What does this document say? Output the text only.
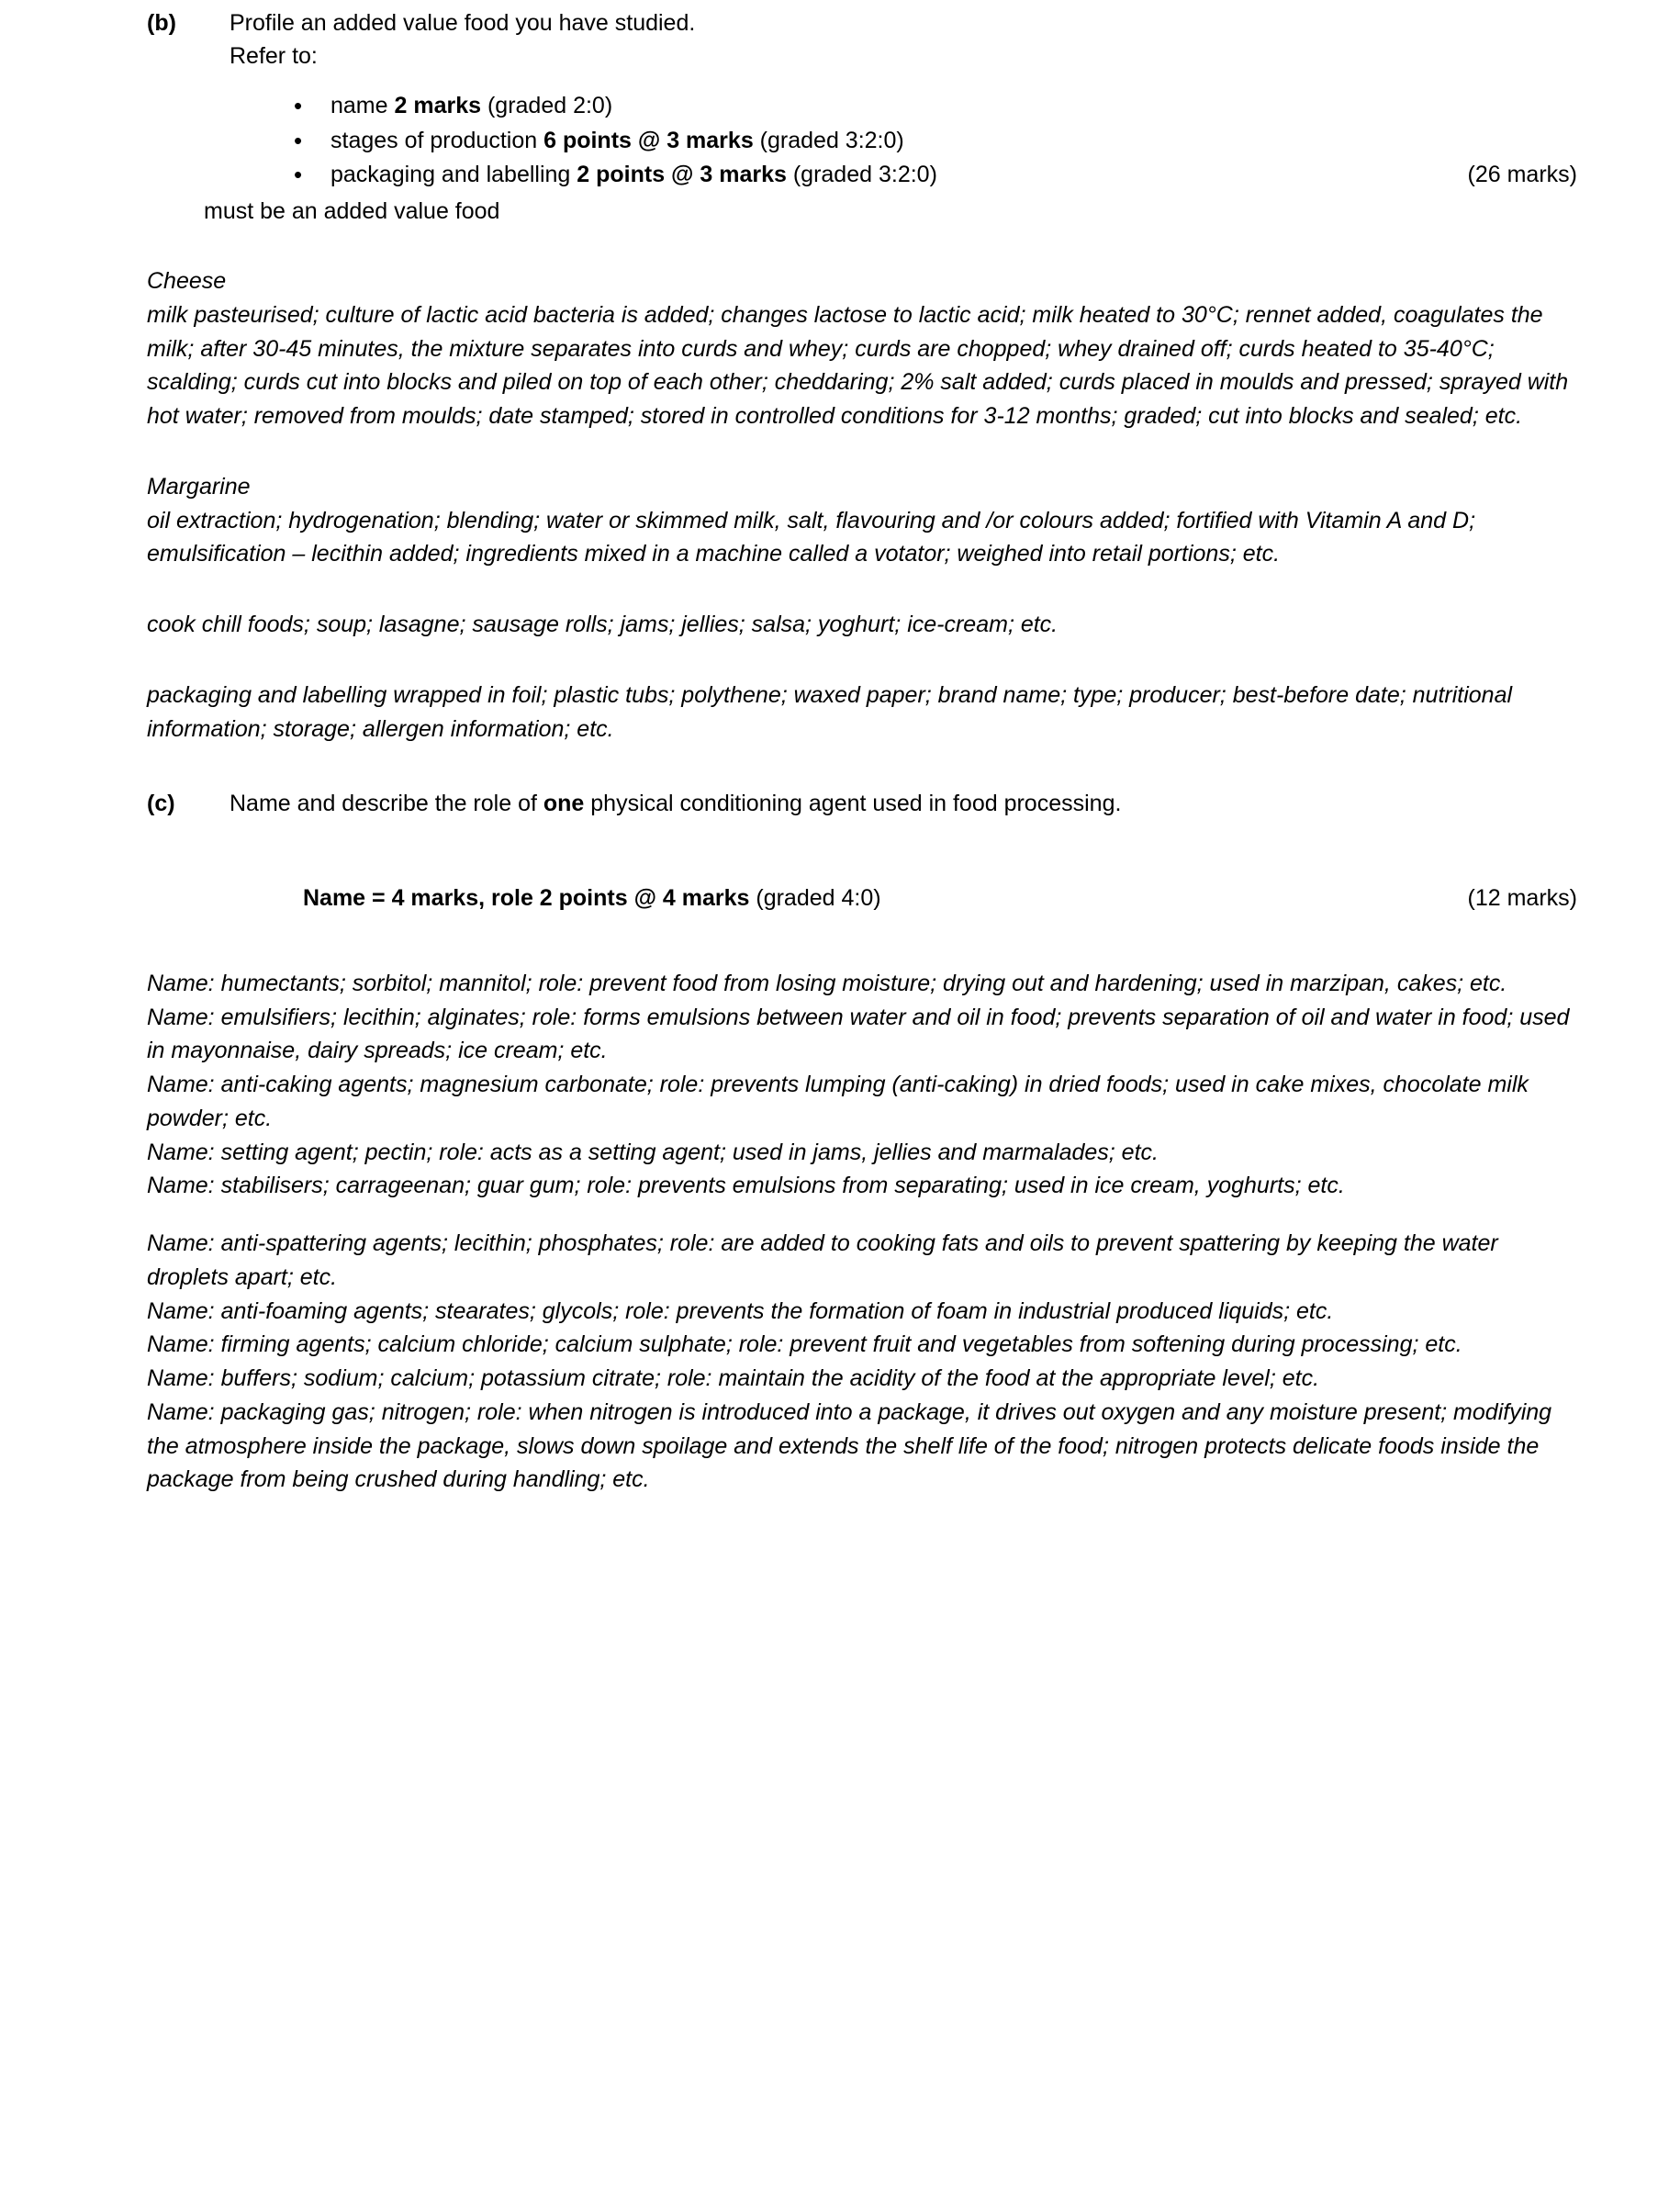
(b)	Profile an added value food you have studied.
Refer to:
• name 2 marks (graded 2:0)
• stages of production 6 points @ 3 marks (graded 3:2:0)
• packaging and labelling 2 points @ 3 marks (graded 3:2:0)	(26 marks)
must be an added value food
Cheese
milk pasteurised; culture of lactic acid bacteria is added; changes lactose to lactic acid; milk heated to 30°C; rennet added, coagulates the milk; after 30-45 minutes, the mixture separates into curds and whey; curds are chopped; whey drained off; curds heated to 35-40°C; scalding; curds cut into blocks and piled on top of each other; cheddaring; 2% salt added; curds placed in moulds and pressed; sprayed with hot water; removed from moulds; date stamped; stored in controlled conditions for 3-12 months; graded; cut into blocks and sealed; etc.
Margarine
oil extraction; hydrogenation; blending; water or skimmed milk, salt, flavouring and /or colours added; fortified with Vitamin A and D; emulsification – lecithin added; ingredients mixed in a machine called a votator; weighed into retail portions; etc.
cook chill foods; soup; lasagne; sausage rolls; jams; jellies; salsa; yoghurt; ice-cream; etc.
packaging and labelling wrapped in foil; plastic tubs; polythene; waxed paper; brand name; type; producer; best-before date; nutritional information; storage; allergen information; etc.
(c)	Name and describe the role of one physical conditioning agent used in food processing.
Name = 4 marks, role 2 points @ 4 marks (graded 4:0)	(12 marks)

Name: humectants; sorbitol; mannitol; role: prevent food from losing moisture; drying out and hardening; used in marzipan, cakes; etc.

Name: emulsifiers; lecithin; alginates; role: forms emulsions between water and oil in food; prevents separation of oil and water in food; used in mayonnaise, dairy spreads; ice cream; etc.

Name: anti-caking agents; magnesium carbonate; role: prevents lumping (anti-caking) in dried foods; used in cake mixes, chocolate milk powder; etc.

Name: setting agent; pectin; role: acts as a setting agent; used in jams, jellies and marmalades; etc.

Name: stabilisers; carrageenan; guar gum; role: prevents emulsions from separating; used in ice cream, yoghurts; etc.

Name: anti-spattering agents; lecithin; phosphates; role: are added to cooking fats and oils to prevent spattering by keeping the water droplets apart; etc.

Name: anti-foaming agents; stearates; glycols; role: prevents the formation of foam in industrial produced liquids; etc.

Name: firming agents; calcium chloride; calcium sulphate; role: prevent fruit and vegetables from softening during processing; etc.

Name: buffers; sodium; calcium; potassium citrate; role: maintain the acidity of the food at the appropriate level; etc.

Name: packaging gas; nitrogen; role: when nitrogen is introduced into a package, it drives out oxygen and any moisture present; modifying the atmosphere inside the package, slows down spoilage and extends the shelf life of the food; nitrogen protects delicate foods inside the package from being crushed during handling; etc.
